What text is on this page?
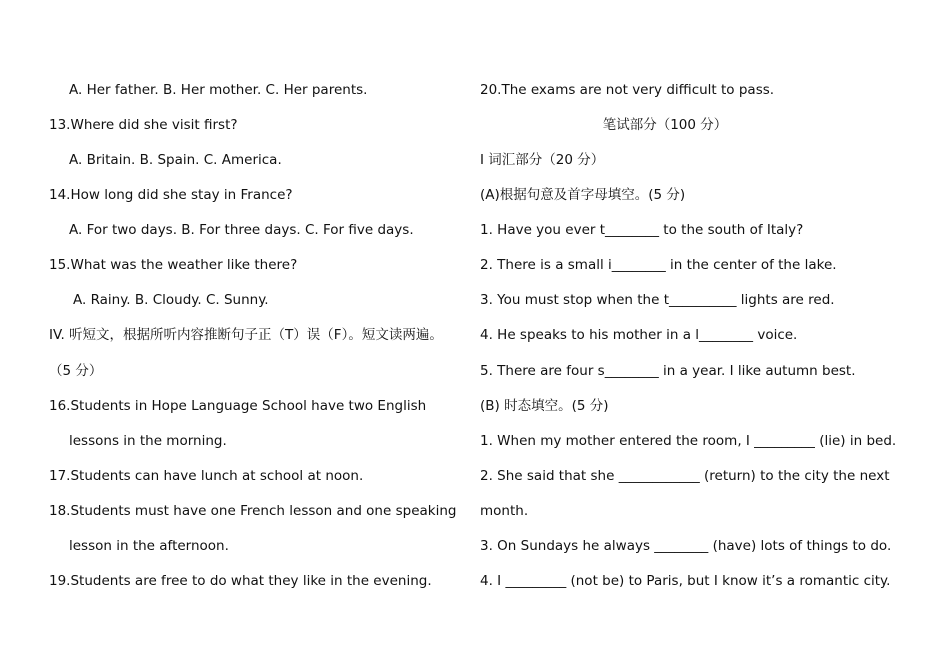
A. Her father. B. Her mother. C. Her parents.
13.Where did she visit first?
A. Britain. B. Spain. C. America.
14.How long did she stay in France?
A. For two days. B. For three days. C. For five days.
15.What was the weather like there?
A. Rainy. B. Cloudy. C. Sunny.
IV. 听短文，根据所听内容推断句子正（T）误（F）。短文读两遍。
（5 分）
16.Students in Hope Language School have two English
lessons in the morning.
17.Students can have lunch at school at noon.
18.Students must have one French lesson and one speaking
lesson in the afternoon.
19.Students are free to do what they like in the evening.
20.The exams are not very difficult to pass.
笔试部分（100 分）
Ⅰ 词汇部分（20 分）
(A)根据句意及首字母填空。(5 分)
1. Have you ever t________ to the south of Italy?
2. There is a small i________ in the center of the lake.
3. You must stop when the t__________ lights are red.
4. He speaks to his mother in a l________ voice.
5. There are four s________ in a year. I like autumn best.
(B) 时态填空。(5 分)
1. When my mother entered the room, I _________ (lie) in bed.
2. She said that she ____________ (return) to the city the next
month.
3. On Sundays he always ________ (have) lots of things to do.
4. I _________ (not be) to Paris, but I know it’s a romantic city.
